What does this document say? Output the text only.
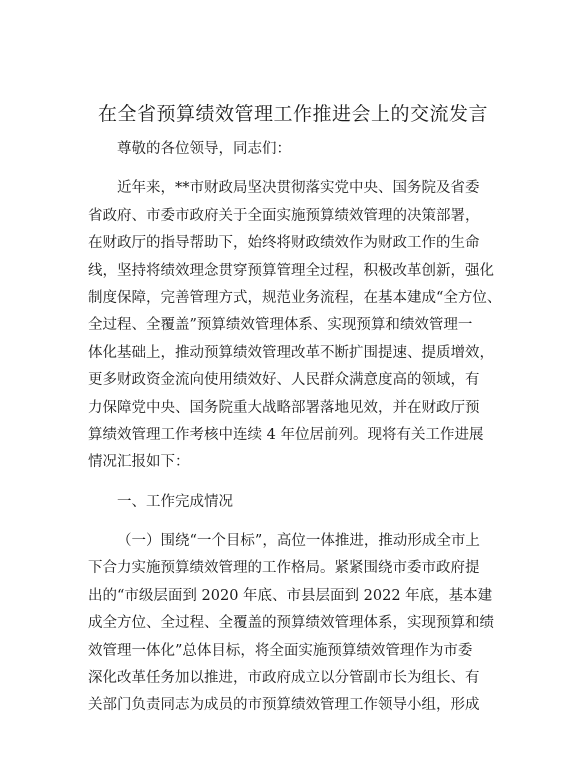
在全省预算绩效管理工作推进会上的交流发言
尊敬的各位领导，同志们：
近年来，**市财政局坚决贯彻落实党中央、国务院及省委
省政府、市委市政府关于全面实施预算绩效管理的决策部署，
在财政厅的指导帮助下，始终将财政绩效作为财政工作的生命
线，坚持将绩效理念贯穿预算管理全过程，积极改革创新，强化
制度保障，完善管理方式，规范业务流程，在基本建成“全方位、
全过程、全覆盖”预算绩效管理体系、实现预算和绩效管理一
体化基础上，推动预算绩效管理改革不断扩围提速、提质增效，
更多财政资金流向使用绩效好、人民群众满意度高的领域，有
力保障党中央、国务院重大战略部署落地见效，并在财政厅预
算绩效管理工作考核中连续 4 年位居前列。现将有关工作进展
情况汇报如下：
一、工作完成情况
（一）围绕“一个目标”，高位一体推进，推动形成全市上
下合力实施预算绩效管理的工作格局。紧紧围绕市委市政府提
出的“市级层面到 2020 年底、市县层面到 2022 年底，基本建
成全方位、全过程、全覆盖的预算绩效管理体系，实现预算和绩
效管理一体化”总体目标，将全面实施预算绩效管理作为市委
深化改革任务加以推进，市政府成立以分管副市长为组长、有
关部门负责同志为成员的市预算绩效管理工作领导小组，形成
